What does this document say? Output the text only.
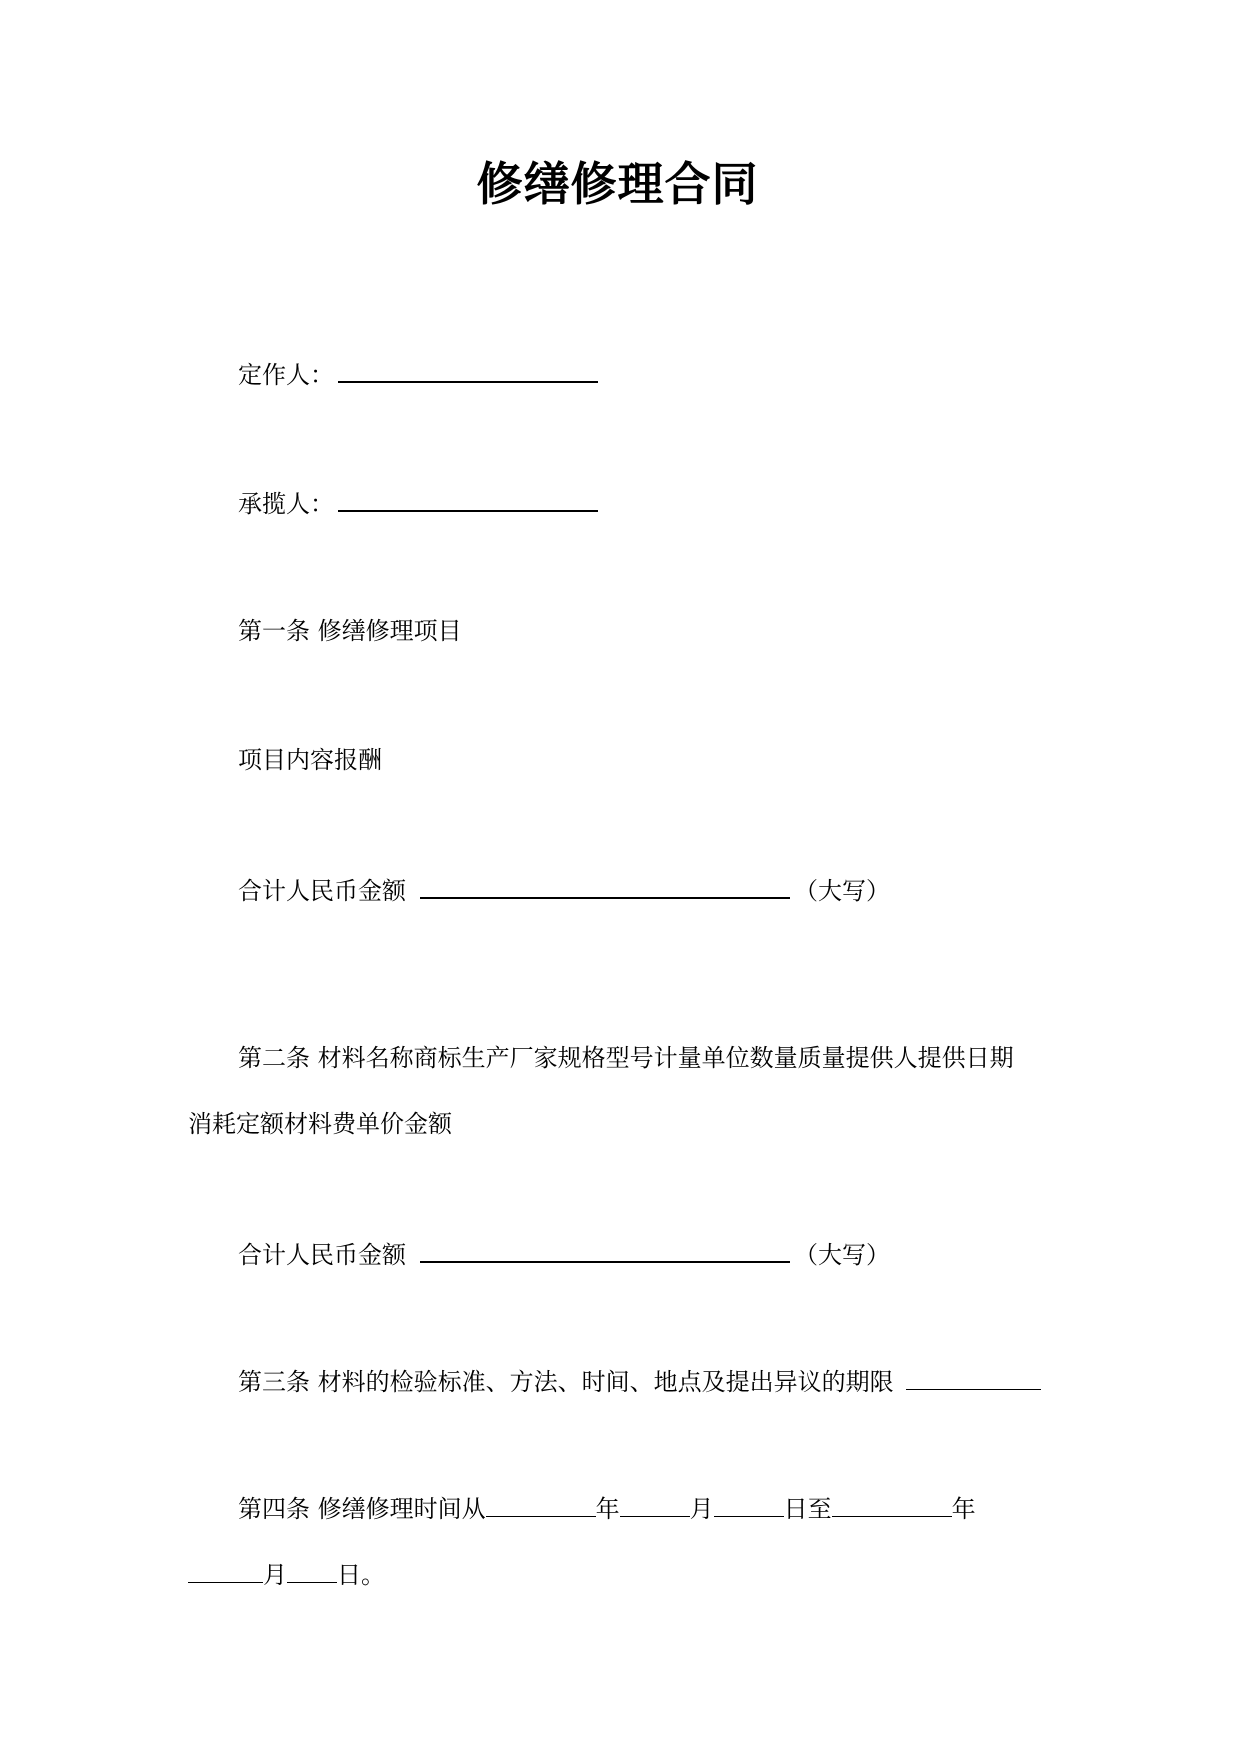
修缮修理合同
定作人：
承揽人：
第一条 修缮修理项目
项目内容报酬
合计人民币金额	（大写）
第二条 材料名称商标生产厂家规格型号计量单位数量质量提供人提供日期
消耗定额材料费单价金额
合计人民币金额	（大写）
第三条 材料的检验标准、方法、时间、地点及提出异议的期限
第四条 修缮修理时间从	年	月	日至	年
月 日。
